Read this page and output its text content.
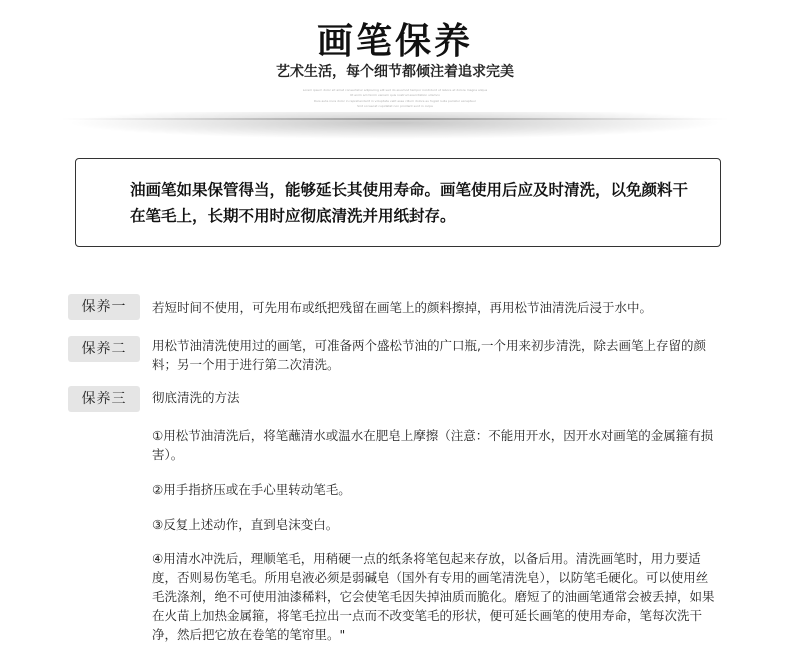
画笔保养
艺术生活，每个细节都倾注着追求完美
Lorem ipsum dolor sit amet consectetur adipiscing elit sed do eiusmod tempor incididunt ut labore et dolore magna aliqua
Ut enim ad minim veniam quis nostrud exercitation ullamco
Duis aute irure dolor in reprehenderit in voluptate velit esse cillum dolore eu fugiat nulla pariatur excepteur
Sint occaecat cupidatat non proident sunt in culpa
油画笔如果保管得当，能够延长其使用寿命。画笔使用后应及时清洗，以免颜料干在笔毛上，长期不用时应彻底清洗并用纸封存。
保养一	若短时间不使用，可先用布或纸把残留在画笔上的颜料擦掉，再用松节油清洗后浸于水中。
保养二	用松节油清洗使用过的画笔，可准备两个盛松节油的广口瓶,一个用来初步清洗，除去画笔上存留的颜料；另一个用于进行第二次清洗。
保养三	彻底清洗的方法
①用松节油清洗后，将笔蘸清水或温水在肥皂上摩擦（注意：不能用开水，因开水对画笔的金属箍有损害）。
②用手指挤压或在手心里转动笔毛。
③反复上述动作，直到皂沫变白。
④用清水冲洗后，理顺笔毛，用稍硬一点的纸条将笔包起来存放，以备后用。清洗画笔时，用力要适度，否则易伤笔毛。所用皂液必须是弱碱皂（国外有专用的画笔清洗皂），以防笔毛硬化。可以使用丝毛洗涤剂，绝不可使用油漆稀料，它会使笔毛因失掉油质而脆化。磨短了的油画笔通常会被丢掉，如果在火苗上加热金属箍，将笔毛拉出一点而不改变笔毛的形状，便可延长画笔的使用寿命，笔每次洗干净，然后把它放在卷笔的笔帘里。"
